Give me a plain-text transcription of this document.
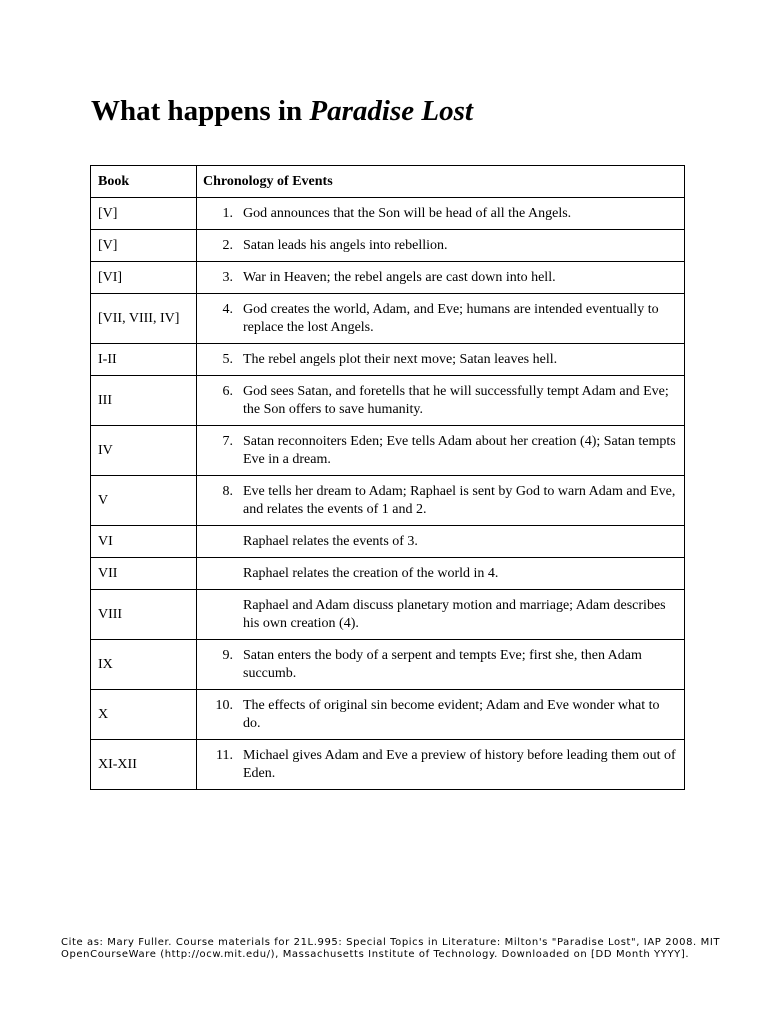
What happens in Paradise Lost
Book	Chronology of Events
[V]	1. God announces that the Son will be head of all the Angels.

[V]	2. Satan leads his angels into rebellion.

[VI]	3. War in Heaven; the rebel angels are cast down into hell.

[VII, VIII, IV]	4. God creates the world, Adam, and Eve; humans are intended eventually to replace the lost Angels.

I-II	5. The rebel angels plot their next move; Satan leaves hell.

III	6. God sees Satan, and foretells that he will successfully tempt Adam and Eve; the Son offers to save humanity.

IV	7. Satan reconnoiters Eden; Eve tells Adam about her creation (4); Satan tempts Eve in a dream.

V	8. Eve tells her dream to Adam; Raphael is sent by God to warn Adam and Eve, and relates the events of 1 and 2.

VI	Raphael relates the events of 3.

VII	Raphael relates the creation of the world in 4.

VIII	Raphael and Adam discuss planetary motion and marriage; Adam describes his own creation (4).

IX	9. Satan enters the body of a serpent and tempts Eve; first she, then Adam succumb.

X	10. The effects of original sin become evident; Adam and Eve wonder what to do.

XI-XII	11. Michael gives Adam and Eve a preview of history before leading them out of Eden.

Cite as: Mary Fuller. Course materials for 21L.995: Special Topics in Literature: Milton's "Paradise Lost", IAP 2008. MIT OpenCourseWare (http://ocw.mit.edu/), Massachusetts Institute of Technology. Downloaded on [DD Month YYYY].
